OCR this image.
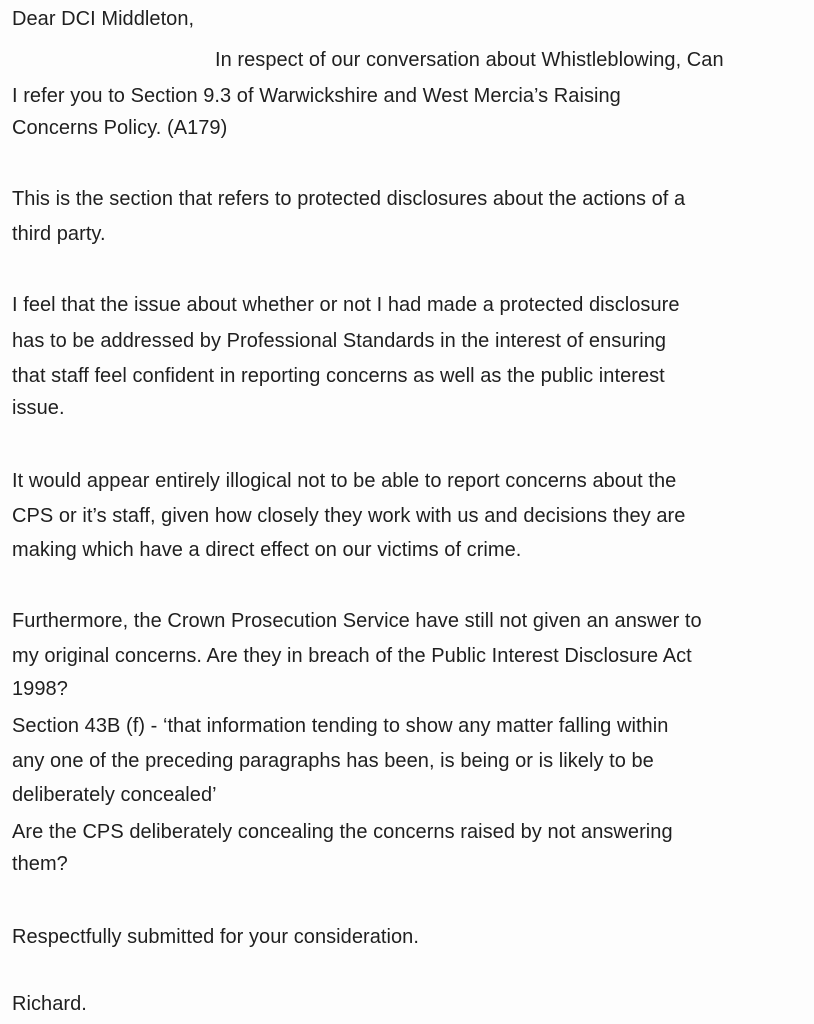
Dear DCI Middleton,
In respect of our conversation about Whistleblowing, Can
I refer you to Section 9.3 of Warwickshire and West Mercia’s Raising
Concerns Policy. (A179)
This is the section that refers to protected disclosures about the actions of a
third party.
I feel that the issue about whether or not I had made a protected disclosure
has to be addressed by Professional Standards in the interest of ensuring
that staff feel confident in reporting concerns as well as the public interest
issue.
It would appear entirely illogical not to be able to report concerns about the
CPS or it’s staff, given how closely they work with us and decisions they are
making which have a direct effect on our victims of crime.
Furthermore, the Crown Prosecution Service have still not given an answer to
my original concerns. Are they in breach of the Public Interest Disclosure Act
1998?
Section 43B (f) - ‘that information tending to show any matter falling within
any one of the preceding paragraphs has been, is being or is likely to be
deliberately concealed’
Are the CPS deliberately concealing the concerns raised by not answering
them?
Respectfully submitted for your consideration.
Richard.
